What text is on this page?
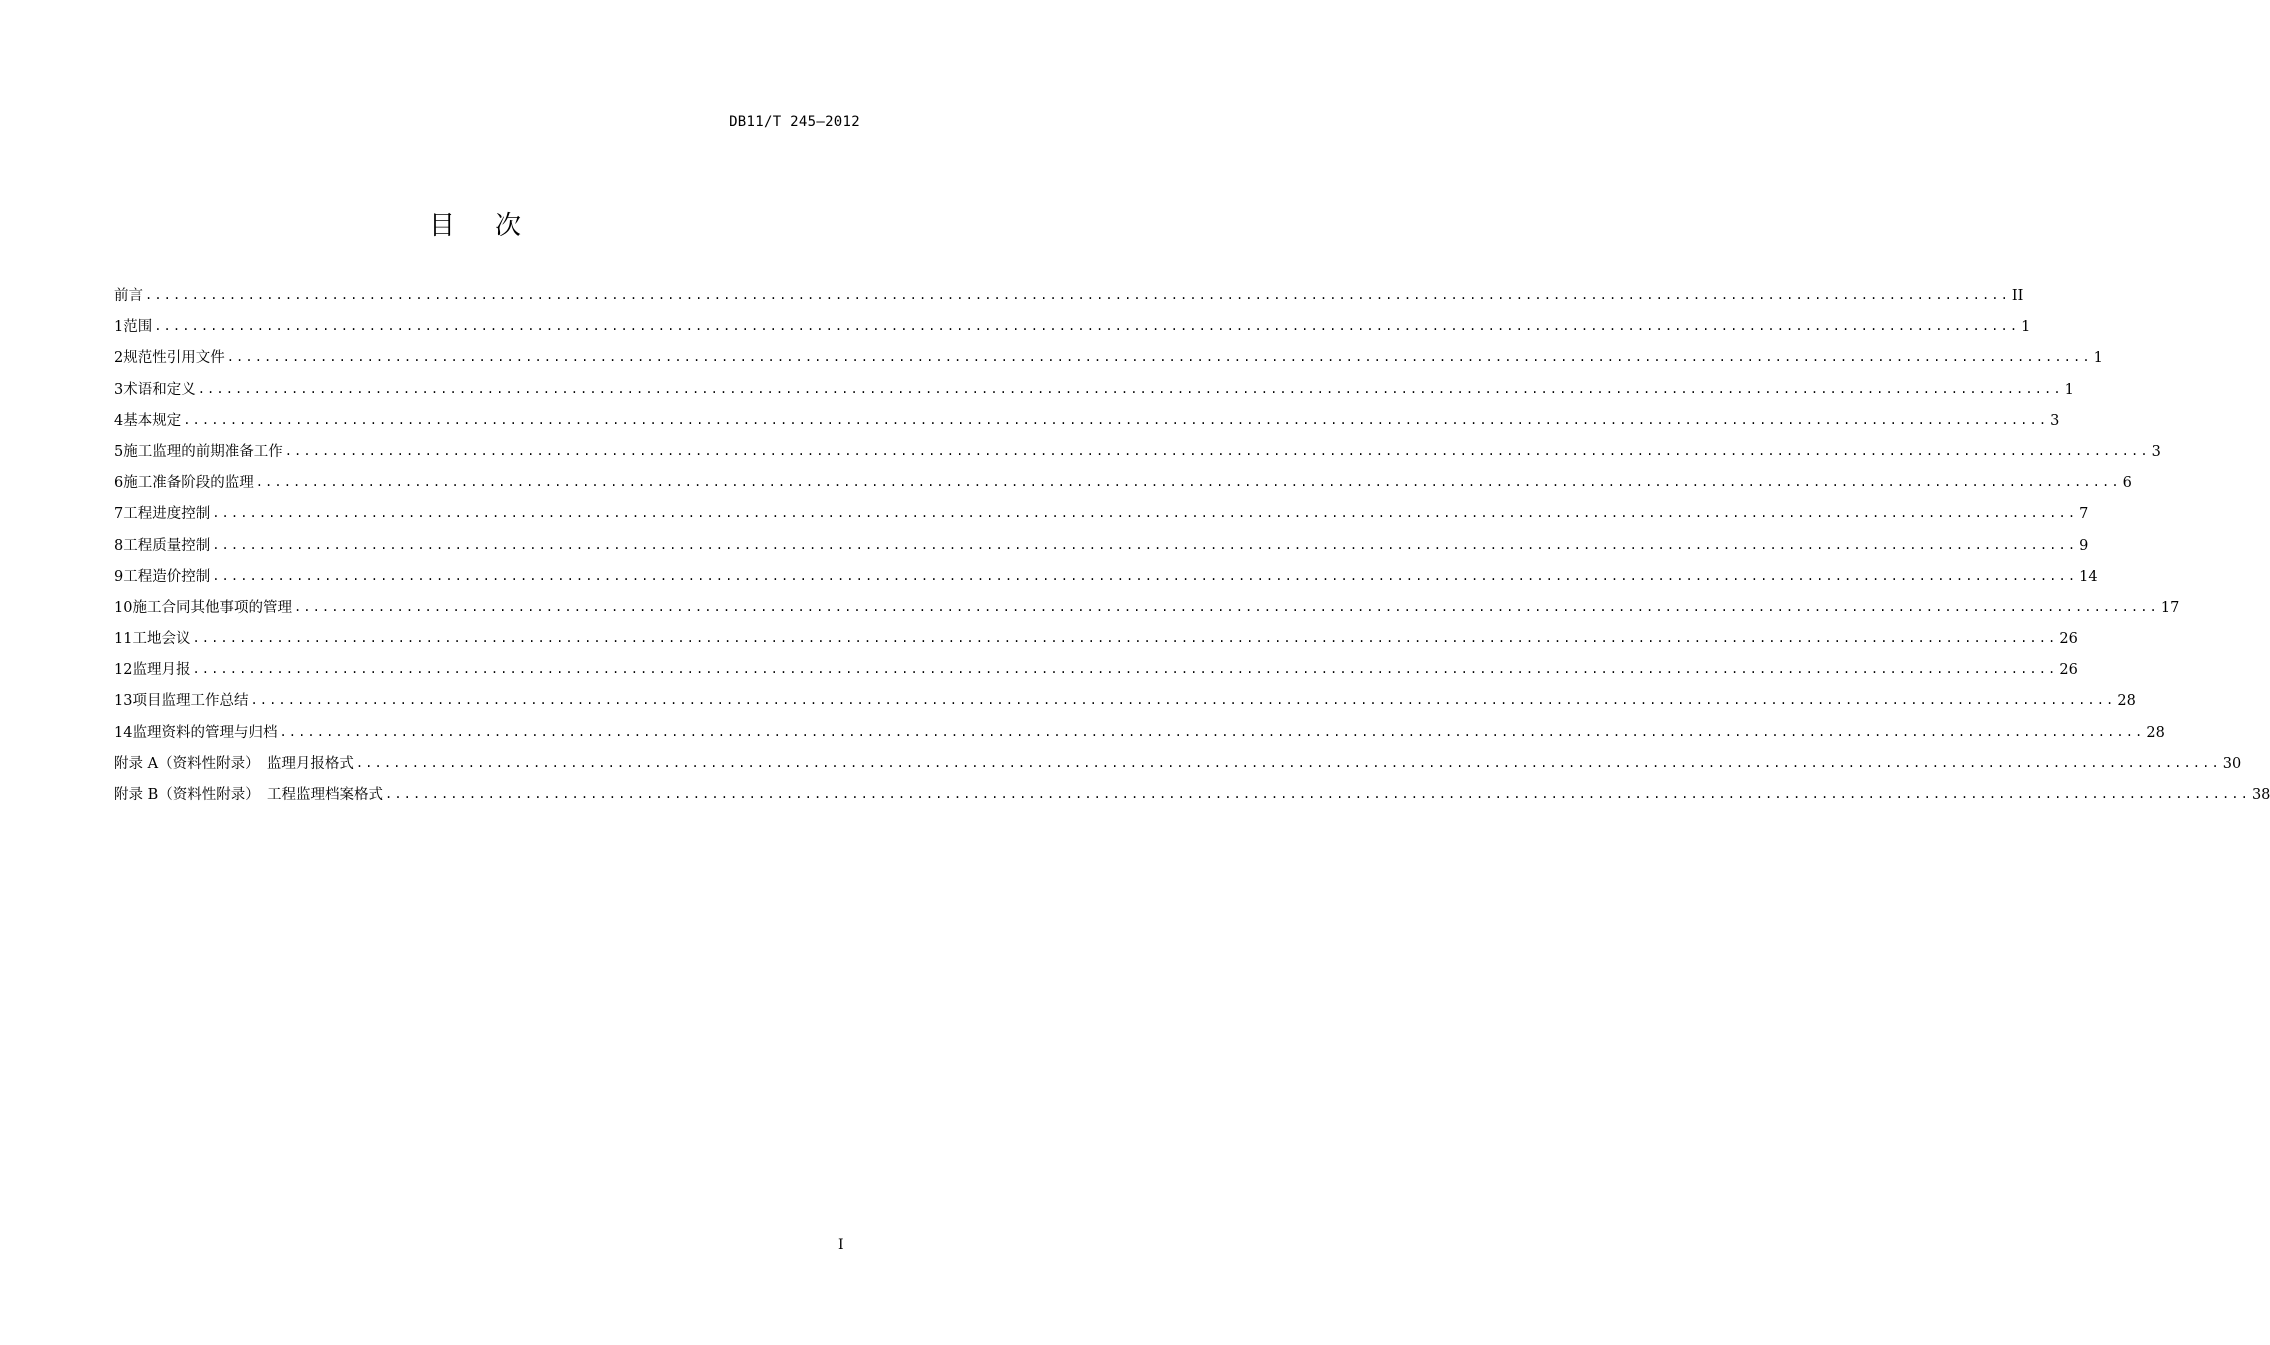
DB11/T 245—2012
目次
前言 ........................................................................................................................................................................................................ II
1 范围 ........................................................................................................................................................................................................ 1
2 规范性引用文件 ........................................................................................................................................................................................................ 1
3 术语和定义 ........................................................................................................................................................................................................ 1
4 基本规定 ........................................................................................................................................................................................................ 3
5 施工监理的前期准备工作 ........................................................................................................................................................................................................ 3
6 施工准备阶段的监理 ........................................................................................................................................................................................................ 6
7 工程进度控制 ........................................................................................................................................................................................................ 7
8 工程质量控制 ........................................................................................................................................................................................................ 9
9 工程造价控制 ........................................................................................................................................................................................................ 14
10 施工合同其他事项的管理 ........................................................................................................................................................................................................ 17
11 工地会议 ........................................................................................................................................................................................................ 26
12 监理月报 ........................................................................................................................................................................................................ 26
13 项目监理工作总结 ........................................................................................................................................................................................................ 28
14 监理资料的管理与归档 ........................................................................................................................................................................................................ 28
附录 A（资料性附录）　监理月报格式 ........................................................................................................................................................................................................ 30
附录 B（资料性附录）　工程监理档案格式 ........................................................................................................................................................................................................ 38
I
